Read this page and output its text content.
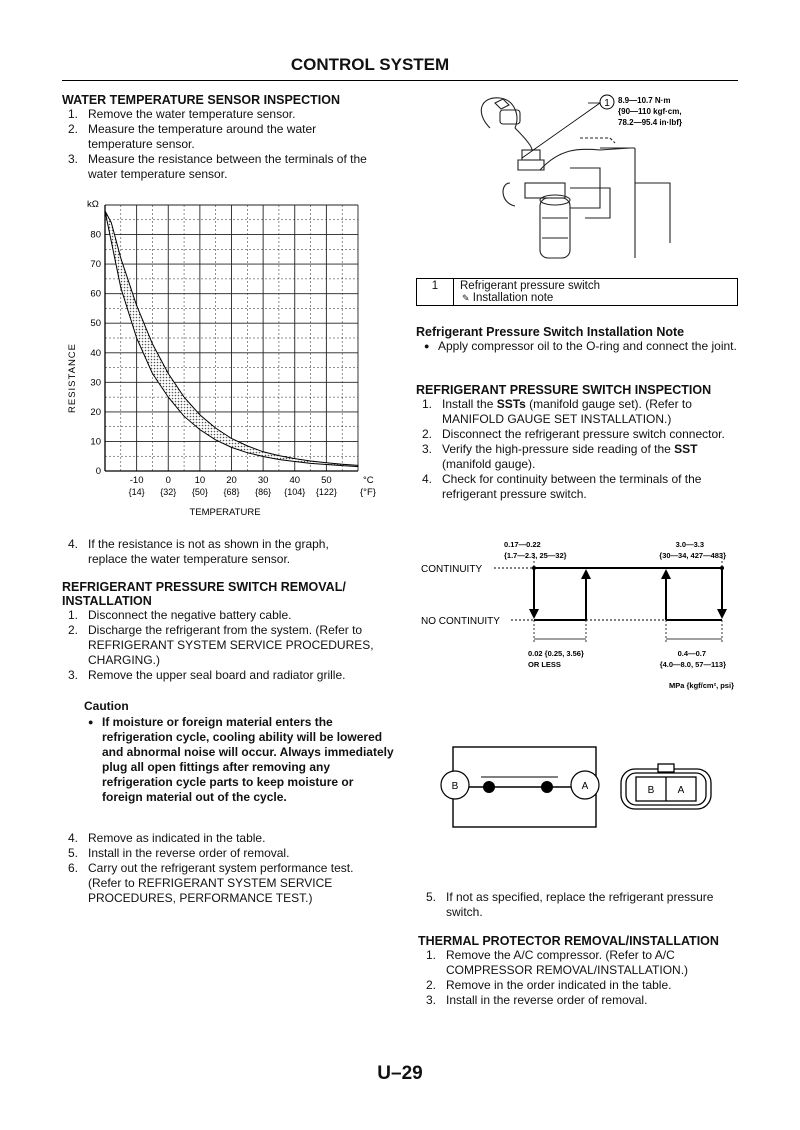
CONTROL SYSTEM
WATER TEMPERATURE SENSOR INSPECTION
1. Remove the water temperature sensor.
2. Measure the temperature around the water temperature sensor.
3. Measure the resistance between the terminals of the water temperature sensor.
kΩ
RESISTANCE
-10
{14}
0
{32}
10
{50}
20
{68}
30
{86}
40
{104}
50
{122}
0
10
20
30
40
50
60
70
80
°C
{°F}
TEMPERATURE
4. If the resistance is not as shown in the graph, replace the water temperature sensor.
REFRIGERANT PRESSURE SWITCH REMOVAL/
INSTALLATION
1. Disconnect the negative battery cable.
2. Discharge the refrigerant from the system. (Refer to REFRIGERANT SYSTEM SERVICE PROCEDURES, CHARGING.)
3. Remove the upper seal board and radiator grille.
Caution
● If moisture or foreign material enters the refrigeration cycle, cooling ability will be lowered and abnormal noise will occur. Always immediately plug all open fittings after removing any refrigeration cycle parts to keep moisture or foreign material out of the cycle.
4. Remove as indicated in the table.
5. Install in the reverse order of removal.
6. Carry out the refrigerant system performance test. (Refer to REFRIGERANT SYSTEM SERVICE PROCEDURES, PERFORMANCE TEST.)
1 8.9—10.7 N·m
{90—110 kgf·cm,
78.2—95.4 in·lbf}
1	Refrigerant pressure switch
✎ Installation note
Refrigerant Pressure Switch Installation Note
● Apply compressor oil to the O-ring and connect the joint.
REFRIGERANT PRESSURE SWITCH INSPECTION
1. Install the SSTs (manifold gauge set). (Refer to MANIFOLD GAUGE SET INSTALLATION.)
2. Disconnect the refrigerant pressure switch connector.
3. Verify the high-pressure side reading of the SST (manifold gauge).
4. Check for continuity between the terminals of the refrigerant pressure switch.
0.17—0.22
{1.7—2.3, 25—32}
3.0—3.3
{30—34, 427—483}
CONTINUITY
NO CONTINUITY
0.02 {0.25, 3.56}
OR LESS
0.4—0.7
{4.0—8.0, 57—113}
MPa {kgf/cm², psi}
B	A	B A
5. If not as specified, replace the refrigerant pressure switch.
THERMAL PROTECTOR REMOVAL/INSTALLATION
1. Remove the A/C compressor. (Refer to A/C COMPRESSOR REMOVAL/INSTALLATION.)
2. Remove in the order indicated in the table.
3. Install in the reverse order of removal.
U–29
